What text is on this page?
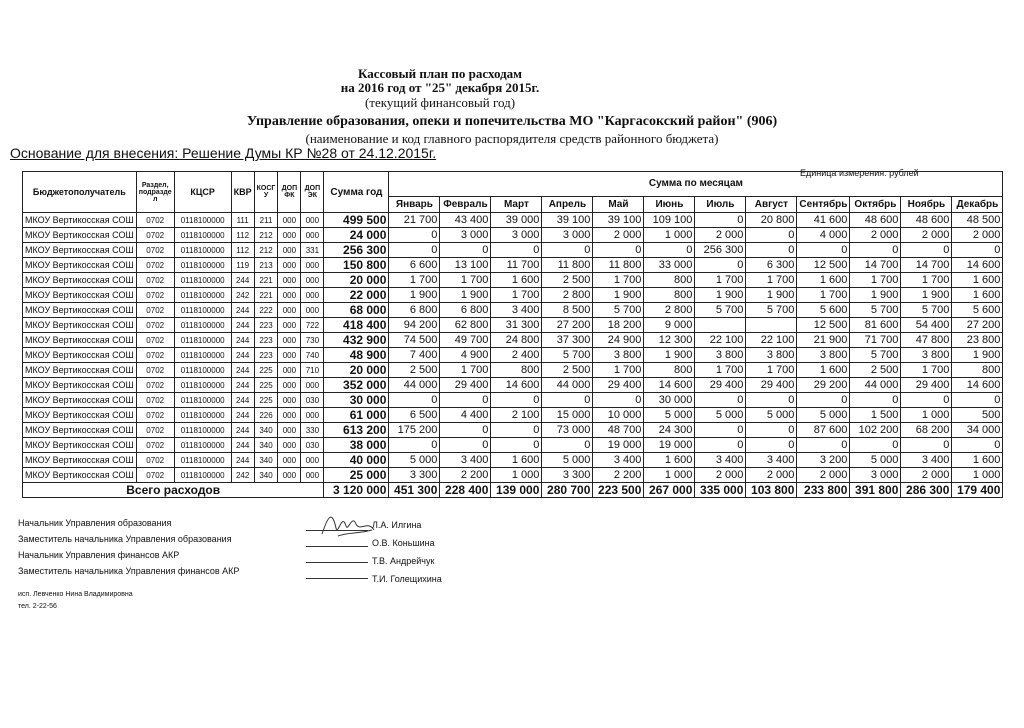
Кассовый план по расходам
на 2016 год от "25" декабря 2015г.
(текущий финансовый год)
Управление образования, опеки и попечительства МО "Каргасокский район" (906)
(наименование и код главного распорядителя средств районного бюджета)
Основание для внесения: Решение Думы КР №28 от 24.12.2015г.
Единица измерения: рублей
Бюджетополучатель	Раздел, подразде л	КЦСР	КВР	КОСГ У	ДОП ФК	ДОП ЭК	Сумма год	Сумма по месяцам											
								Январь	Февраль	Март	Апрель	Май	Июнь	Июль	Август	Сентябрь	Октябрь	Ноябрь	Декабрь
МКОУ Вертикосская СОШ	0702	0118100000	111	211	000	000	499 500	21 700	43 400	39 000	39 100	39 100	109 100	0	20 800	41 600	48 600	48 600	48 500
МКОУ Вертикосская СОШ	0702	0118100000	112	212	000	000	24 000	0	3 000	3 000	3 000	2 000	1 000	2 000	0	4 000	2 000	2 000	2 000
МКОУ Вертикосская СОШ	0702	0118100000	112	212	000	331	256 300	0	0	0	0	0	0	256 300	0	0	0	0	0
МКОУ Вертикосская СОШ	0702	0118100000	119	213	000	000	150 800	6 600	13 100	11 700	11 800	11 800	33 000	0	6 300	12 500	14 700	14 700	14 600
МКОУ Вертикосская СОШ	0702	0118100000	244	221	000	000	20 000	1 700	1 700	1 600	2 500	1 700	800	1 700	1 700	1 600	1 700	1 700	1 600
МКОУ Вертикосская СОШ	0702	0118100000	242	221	000	000	22 000	1 900	1 900	1 700	2 800	1 900	800	1 900	1 900	1 700	1 900	1 900	1 600
МКОУ Вертикосская СОШ	0702	0118100000	244	222	000	000	68 000	6 800	6 800	3 400	8 500	5 700	2 800	5 700	5 700	5 600	5 700	5 700	5 600
МКОУ Вертикосская СОШ	0702	0118100000	244	223	000	722	418 400	94 200	62 800	31 300	27 200	18 200	9 000			12 500	81 600	54 400	27 200
МКОУ Вертикосская СОШ	0702	0118100000	244	223	000	730	432 900	74 500	49 700	24 800	37 300	24 900	12 300	22 100	22 100	21 900	71 700	47 800	23 800
МКОУ Вертикосская СОШ	0702	0118100000	244	223	000	740	48 900	7 400	4 900	2 400	5 700	3 800	1 900	3 800	3 800	3 800	5 700	3 800	1 900
МКОУ Вертикосская СОШ	0702	0118100000	244	225	000	710	20 000	2 500	1 700	800	2 500	1 700	800	1 700	1 700	1 600	2 500	1 700	800
МКОУ Вертикосская СОШ	0702	0118100000	244	225	000	000	352 000	44 000	29 400	14 600	44 000	29 400	14 600	29 400	29 400	29 200	44 000	29 400	14 600
МКОУ Вертикосская СОШ	0702	0118100000	244	225	000	030	30 000	0	0	0	0	0	30 000	0	0	0	0	0	0
МКОУ Вертикосская СОШ	0702	0118100000	244	226	000	000	61 000	6 500	4 400	2 100	15 000	10 000	5 000	5 000	5 000	5 000	1 500	1 000	500
МКОУ Вертикосская СОШ	0702	0118100000	244	340	000	330	613 200	175 200	0	0	73 000	48 700	24 300	0	0	87 600	102 200	68 200	34 000
МКОУ Вертикосская СОШ	0702	0118100000	244	340	000	030	38 000	0	0	0	0	19 000	19 000	0	0	0	0	0	0
МКОУ Вертикосская СОШ	0702	0118100000	244	340	000	000	40 000	5 000	3 400	1 600	5 000	3 400	1 600	3 400	3 400	3 200	5 000	3 400	1 600
МКОУ Вертикосская СОШ	0702	0118100000	242	340	000	000	25 000	3 300	2 200	1 000	3 300	2 200	1 000	2 000	2 000	2 000	3 000	2 000	1 000
Всего расходов							3 120 000	451 300	228 400	139 000	280 700	223 500	267 000	335 000	103 800	233 800	391 800	286 300	179 400
Начальник Управления образования	Л.А. Илгина
Заместитель начальника Управления образования	О.В. Коньшина
Начальник Управления финансов АКР
Т.В. Андрейчук
Заместитель начальника Управления финансов АКР
Т.И. Голещихина
исп. Левченко Нина Владимировна
тел. 2-22-56
